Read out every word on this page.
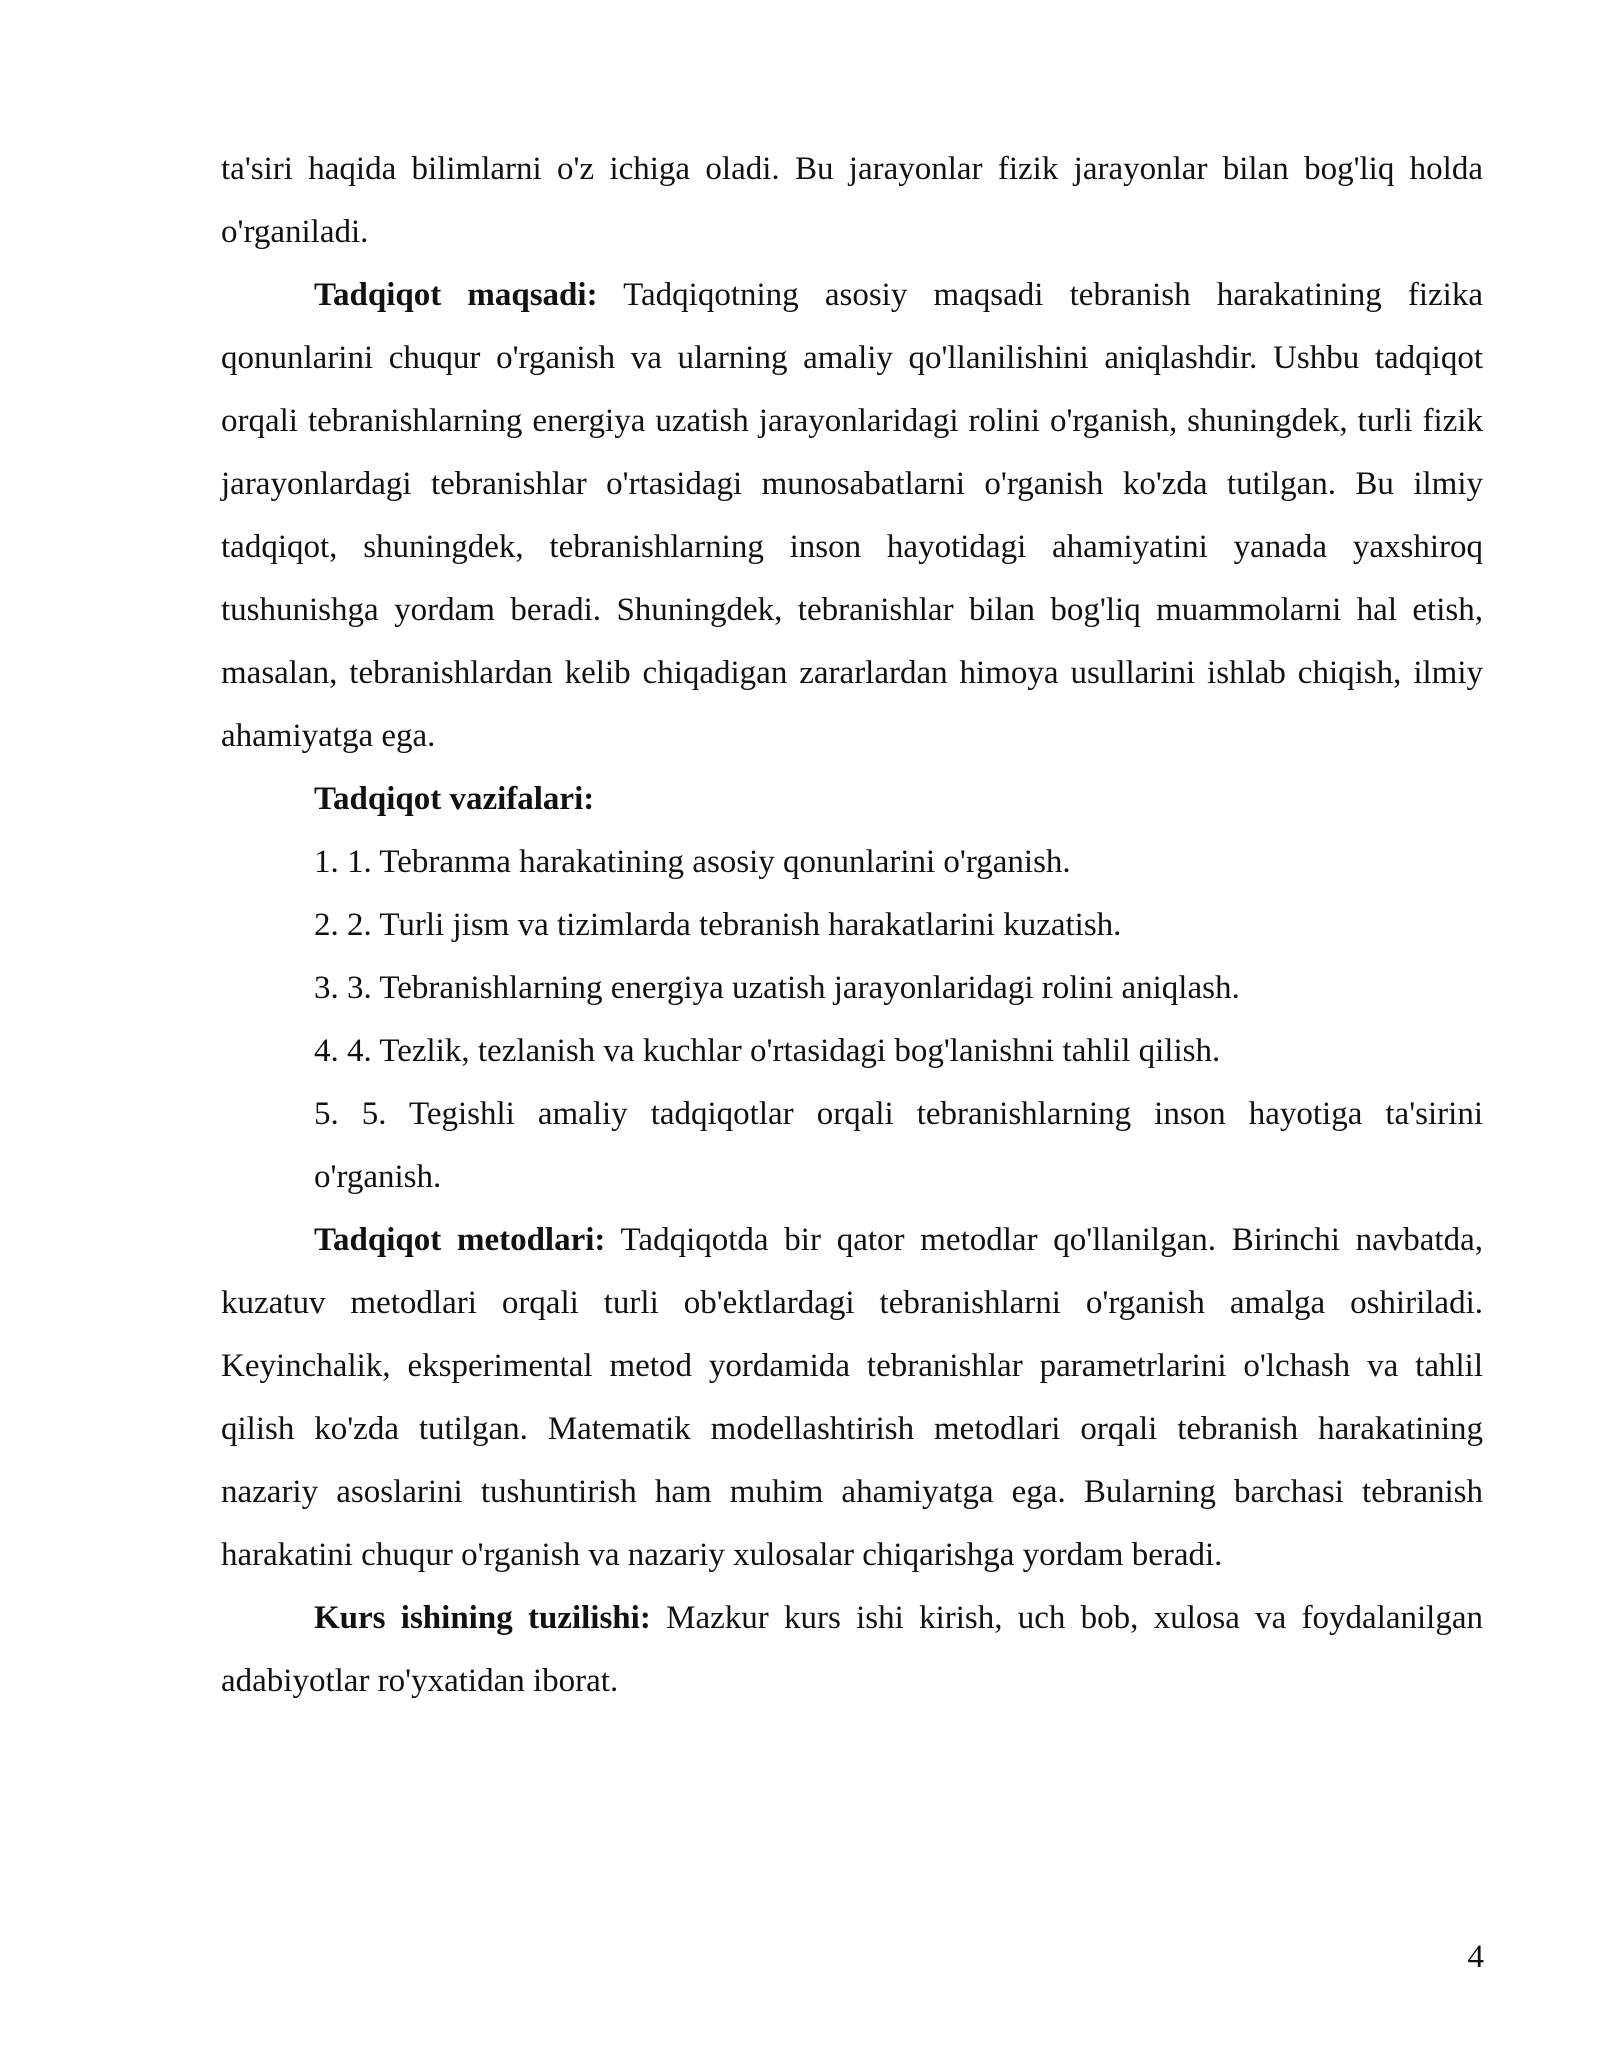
ta'siri haqida bilimlarni o'z ichiga oladi. Bu jarayonlar fizik jarayonlar bilan bog'liq holda o'rganiladi.

Tadqiqot maqsadi: Tadqiqotning asosiy maqsadi tebranish harakatining fizika qonunlarini chuqur o'rganish va ularning amaliy qo'llanilishini aniqlashdir. Ushbu tadqiqot orqali tebranishlarning energiya uzatish jarayonlaridagi rolini o'rganish, shuningdek, turli fizik jarayonlardagi tebranishlar o'rtasidagi munosabatlarni o'rganish ko'zda tutilgan. Bu ilmiy tadqiqot, shuningdek, tebranishlarning inson hayotidagi ahamiyatini yanada yaxshiroq tushunishga yordam beradi. Shuningdek, tebranishlar bilan bog'liq muammolarni hal etish, masalan, tebranishlardan kelib chiqadigan zararlardan himoya usullarini ishlab chiqish, ilmiy ahamiyatga ega.

Tadqiqot vazifalari:

1. 1. Tebranma harakatining asosiy qonunlarini o'rganish.
2. 2. Turli jism va tizimlarda tebranish harakatlarini kuzatish.
3. 3. Tebranishlarning energiya uzatish jarayonlaridagi rolini aniqlash.
4. 4. Tezlik, tezlanish va kuchlar o'rtasidagi bog'lanishni tahlil qilish.
5. 5. Tegishli amaliy tadqiqotlar orqali tebranishlarning inson hayotiga ta'sirini o'rganish.

Tadqiqot metodlari: Tadqiqotda bir qator metodlar qo'llanilgan. Birinchi navbatda, kuzatuv metodlari orqali turli ob'ektlardagi tebranishlarni o'rganish amalga oshiriladi. Keyinchalik, eksperimental metod yordamida tebranishlar parametrlarini o'lchash va tahlil qilish ko'zda tutilgan. Matematik modellashtirish metodlari orqali tebranish harakatining nazariy asoslarini tushuntirish ham muhim ahamiyatga ega. Bularning barchasi tebranish harakatini chuqur o'rganish va nazariy xulosalar chiqarishga yordam beradi.

Kurs ishining tuzilishi: Mazkur kurs ishi kirish, uch bob, xulosa va foydalanilgan adabiyotlar ro'yxatidan iborat.

4
